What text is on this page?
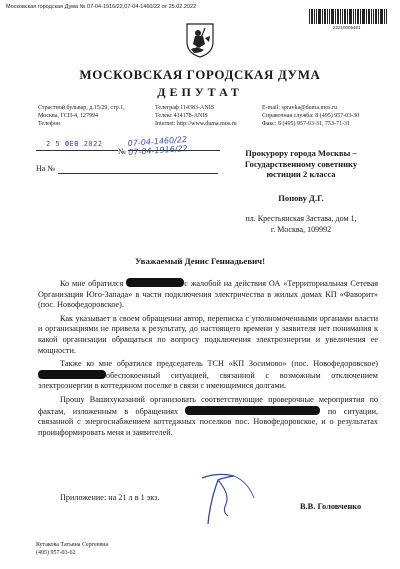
Московская городская Дума № 07-04-1916/22,07-04-1460/22 от 25.02.2022
22210005481
МОСКОВСКАЯ ГОРОДСКАЯ ДУМА
ДЕПУТАТ
Страстной бульвар, д.15/29, стр.1,
Москва, ГСП-4, 127994
Телефон
Телеграф 114383-ANIS
Телекс 414178-ANIS
Internet: http://www.duma.mos.ru
E-mail: spravka@duma.mos.ru
Справочная служба: 8 (495) 957-03-30
Факс: 8 (495) 957-03-31, 753-71-31
2 5 ФЕВ 2022
№
07-04-1460/22
07-04-1916/22
На №
Прокурору города Москвы –
Государственному советнику
юстиции 2 класса
Попову Д.Г.
пл. Крестьянская Застава, дом 1,
г. Москва, 109992
Уважаемый Денис Геннадьевич!

Ко мне обратился	с жалобой на действия ОА «Территориальная Сетевая Организация Юго-Запада» в части подключения электричества в жилых домах КП «Фаворит» (пос. Новофедоровское).

Как указывает в своем обращении автор, переписка с уполномоченными органами власти и организациями не привела к результату, до настоящего времени у заявителя нет понимания к какой организации обращаться по вопросу подключения электроэнергии и увеличения ее мощности.

Также ко мне обратился председатель ТСН «КП Зосимово» (пос. Новофедоровское) обеспокоенный ситуацией, связанной с возможным отключением электроэнергии в коттеджном поселке в связи с имеющимися долгами.

Прошу Вашихуказаний организовать соответствующие проверочные мероприятия по фактам, изложенным в обращениях	по ситуации, связанной с энергоснабжением коттеджных поселков пос. Новофедоровское, и о результатах проинформировать меня и заявителей.

Приложение: на 21 л в 1 экз.
В.В. Головченко
Кутакова Татьяна Сергеевна
(495) 957-03-62
